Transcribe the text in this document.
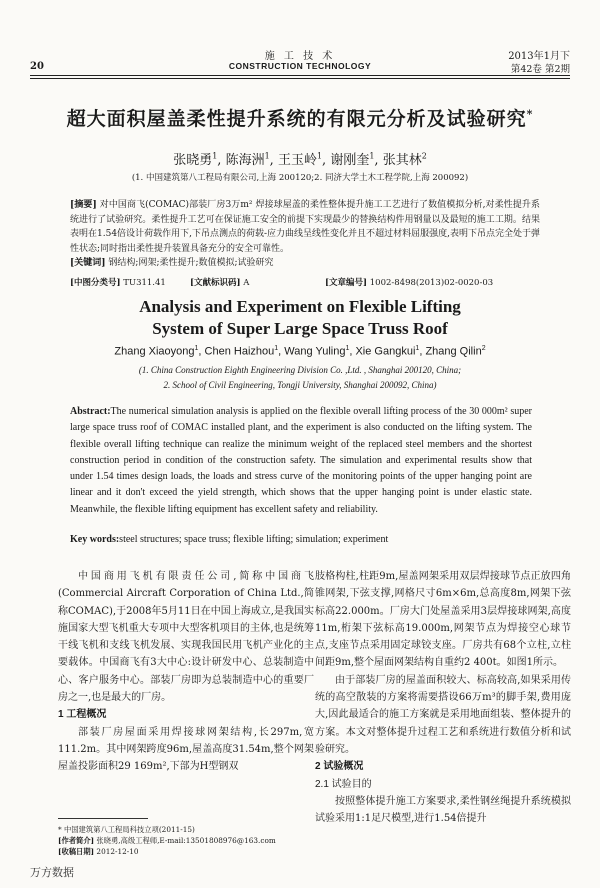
施 工 技 术	2013年1月下
20	CONSTRUCTION TECHNOLOGY	第42卷 第2期
超大面积屋盖柔性提升系统的有限元分析及试验研究*
张晓勇$^1$, 陈海洲$^1$, 王玉岭$^1$, 谢刚奎$^1$, 张其林$^2$
(1. 中国建筑第八工程局有限公司,上海 200120;2. 同济大学土木工程学院,上海 200092)
[摘要] 对中国商飞(COMAC)部装厂房3万m² 焊接球屋盖的柔性整体提升施工工艺进行了数值模拟分析,对柔性提升系统进行了试验研究。柔性提升工艺可在保证施工安全的前提下实现最少的替换结构件用钢量以及最短的施工工期。结果表明在1.54倍设计荷载作用下,下吊点测点的荷载-应力曲线呈线性变化并且不超过材料屈服强度,表明下吊点完全处于弹性状态;同时指出柔性提升装置具备充分的安全可靠性。
[关键词] 钢结构;网架;柔性提升;数值模拟;试验研究
[中图分类号] TU311.41	[文献标识码] A	[文章编号] 1002-8498(2013)02-0020-03
Analysis and Experiment on Flexible Lifting
System of Super Large Space Truss Roof
Zhang Xiaoyong$^1$, Chen Haizhou$^1$, Wang Yuling$^1$, Xie Gangkui$^1$, Zhang Qilin$^2$
(1. China Construction Eighth Engineering Division Co. ,Ltd. , Shanghai 200120, China;
2. School of Civil Engineering, Tongji University, Shanghai 200092, China)
Abstract:The numerical simulation analysis is applied on the flexible overall lifting process of the 30 000m² super large space truss roof of COMAC installed plant, and the experiment is also conducted on the lifting system. The flexible overall lifting technique can realize the minimum weight of the replaced steel members and the shortest construction period in condition of the construction safety. The simulation and experimental results show that under 1.54 times design loads, the loads and stress curve of the monitoring points of the upper hanging point are linear and it don't exceed the yield strength, which shows that the upper hanging point is under elastic state. Meanwhile, the flexible lifting equipment has excellent safety and reliability.
Key words:steel structures; space truss; flexible lifting; simulation; experiment

中国商用飞机有限责任公司,简称中国商飞(Commercial Aircraft Corporation of China Ltd.,简称COMAC),于2008年5月11日在中国上海成立,是我国实施国家大型飞机重大专项中大型客机项目的主体,也是统筹干线飞机和支线飞机发展、实现我国民用飞机产业化的主要载体。中国商飞有3大中心:设计研发中心、总装制造中心、客户服务中心。部装厂房即为总装制造中心的重要厂房之一,也是最大的厂房。

1 工程概况

部装厂房屋面采用焊接球网架结构,长297m,宽111.2m。其中网架跨度96m,屋盖高度31.54m,整个网架屋盖投影面积29 169m²,下部为H型钢双

肢格构柱,柱距9m,屋盖网架采用双层焊接球节点正放四角锥网架,下弦支撑,网格尺寸6m×6m,总高度8m,网架下弦标高22.000m。厂房大门处屋盖采用3层焊接球网架,高度11m,桁架下弦标高19.000m,网架节点为焊接空心球节点,支座节点采用固定球铰支座。厂房共有68个立柱,立柱间距9m,整个屋面网架结构自重约2 400t。如图1所示。

由于部装厂房的屋盖面积较大、标高较高,如果采用传统的高空散装的方案将需要搭设66万m³的脚手架,费用庞大,因此最适合的施工方案就是采用地面组装、整体提升的方案。本文对整体提升过程工艺和系统进行数值分析和试验研究。

2 试验概况

2.1 试验目的

按照整体提升施工方案要求,柔性钢丝绳提升系统模拟试验采用1:1足尺模型,进行1.54倍提升

* 中国建筑第八工程局科技立项(2011-15)
[作者简介] 张晓勇,高级工程师,E-mail:13501808976@163.com
[收稿日期] 2012-12-10
万方数据
